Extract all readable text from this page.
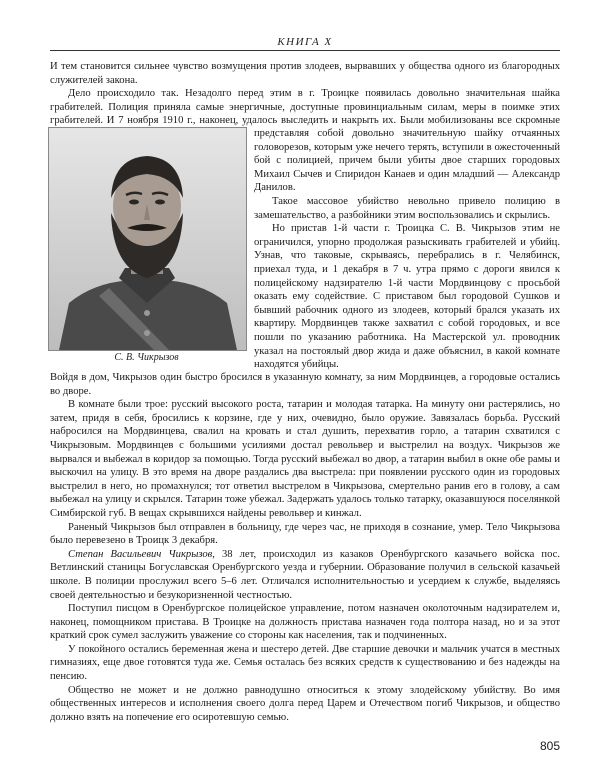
КНИГА X

И тем становится сильнее чувство возмущения против злодеев, вырвавших у общества одного из благородных служителей закона.

Дело происходило так. Незадолго перед этим в г. Троицке появилась довольно значительная шайка грабителей. Полиция приняла самые энергичные, доступные провинциальным силам, меры в поимке этих грабителей. И 7 ноября 1910 г., наконец, удалось выследить и накрыть их. Были мобилизованы все скромные

С. В. Чикрызов

представляя собой довольно значительную шайку отчаянных головорезов, которым уже нечего терять, вступили в ожесточенный бой с полицией, причем были убиты двое старших городовых Михаил Сычев и Спиридон Канаев и один младший — Александр Данилов.

Такое массовое убийство невольно привело полицию в замешательство, а разбойники этим воспользовались и скрылись.

Но пристав 1-й части г. Троицка С. В. Чикрызов этим не ограничился, упорно продолжая разыскивать грабителей и убийц. Узнав, что таковые, скрываясь, перебрались в г. Челябинск, приехал туда, и 1 декабря в 7 ч. утра прямо с дороги явился к полицейскому надзирателю 1-й части Мордвинцову с просьбой оказать ему содействие. С приставом был городовой Сушков и бывший рабочник одного из злодеев, который брался указать их квартиру. Мордвинцев также захватил с собой городовых, и все пошли по указанию работника. На Мастерской ул. проводник указал на постоялый двор жида и даже объяснил, в какой комнате находятся убийцы.

Войдя в дом, Чикрызов один быстро бросился в указанную комнату, за ним Мордвинцев, а городовые остались во дворе.

В комнате были трое: русский высокого роста, татарин и молодая татарка. На минуту они растерялись, но затем, придя в себя, бросились к корзине, где у них, очевидно, было оружие. Завязалась борьба. Русский набросился на Мордвинцева, свалил на кровать и стал душить, перехватив горло, а татарин схватился с Чикрызовым. Мордвинцев с большими усилиями достал револьвер и выстрелил на воздух. Чикрызов же вырвался и выбежал в коридор за помощью. Тогда русский выбежал во двор, а татарин выбил в окне обе рамы и выскочил на улицу. В это время на дворе раздались два выстрела: при появлении русского один из городовых выстрелил в него, но промахнулся; тот ответил выстрелом в Чикрызова, смертельно ранив его в голову, а сам выбежал на улицу и скрылся. Татарин тоже убежал. Задержать удалось только татарку, оказавшуюся поселянкой Симбирской губ. В вещах скрывшихся найдены револьвер и кинжал.

Раненый Чикрызов был отправлен в больницу, где через час, не приходя в сознание, умер. Тело Чикрызова было перевезено в Троицк 3 декабря.

Степан Васильевич Чикрызов, 38 лет, происходил из казаков Оренбургского казачьего войска пос. Ветлинский станицы Богуславская Оренбургского уезда и губернии. Образование получил в сельской казачьей школе. В полиции прослужил всего 5–6 лет. Отличался исполнительностью и усердием к службе, выделяясь своей деятельностью и безукоризненной честностью.

Поступил писцом в Оренбургское полицейское управление, потом назначен околоточным надзирателем и, наконец, помощником пристава. В Троицке на должность пристава назначен года полтора назад, но и за этот краткий срок сумел заслужить уважение со стороны как населения, так и подчиненных.

У покойного остались беременная жена и шестеро детей. Две старшие девочки и мальчик учатся в местных гимназиях, еще двое готовятся туда же. Семья осталась без всяких средств к существованию и без надежды на пенсию.

Общество не может и не должно равнодушно относиться к этому злодейскому убийству. Во имя общественных интересов и исполнения своего долга перед Царем и Отечеством погиб Чикрызов, и общество должно взять на попечение его осиротевшую семью.

805
